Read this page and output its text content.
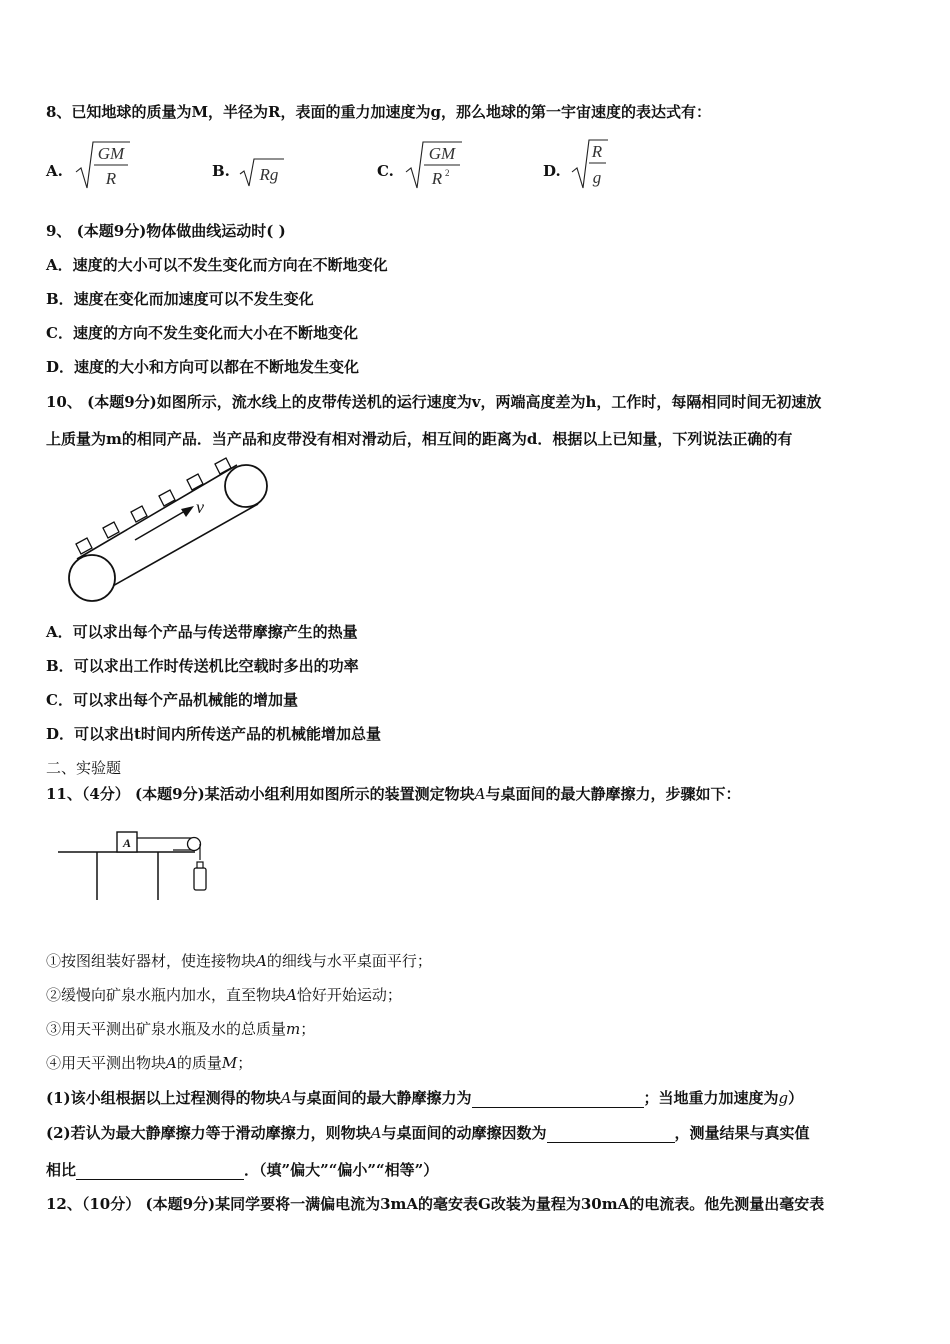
8、已知地球的质量为M，半径为R，表面的重力加速度为g，那么地球的第一宇宙速度的表达式有：
A.
GM
R	B. Rg	C.
GM
R 2	D.
R
g
9、 (本题9分)物体做曲线运动时( )
A．速度的大小可以不发生变化而方向在不断地变化
B．速度在变化而加速度可以不发生变化
C．速度的方向不发生变化而大小在不断地变化
D．速度的大小和方向可以都在不断地发生变化
10、 (本题9分)如图所示，流水线上的皮带传送机的运行速度为v，两端高度差为h，工作时，每隔相同时间无初速放
上质量为m的相同产品．当产品和皮带没有相对滑动后，相互间的距离为d．根据以上已知量，下列说法正确的有
v
A．可以求出每个产品与传送带摩擦产生的热量
B．可以求出工作时传送机比空载时多出的功率
C．可以求出每个产品机械能的增加量
D．可以求出t时间内所传送产品的机械能增加总量
二、实验题
11、（4分） (本题9分)某活动小组利用如图所示的装置测定物块A与桌面间的最大静摩擦力，步骤如下：
A
①按图组装好器材，使连接物块A的细线与水平桌面平行；
②缓慢向矿泉水瓶内加水，直至物块A恰好开始运动；
③用天平测出矿泉水瓶及水的总质量m；
④用天平测出物块A的质量M；
(1)该小组根据以上过程测得的物块A与桌面间的最大静摩擦力为	；当地重力加速度为g）
(2)若认为最大静摩擦力等于滑动摩擦力，则物块A与桌面间的动摩擦因数为	，测量结果与真实值
相比	．（填”偏大”“偏小”“相等”）
12、（10分） (本题9分)某同学要将一满偏电流为3mA的毫安表G改装为量程为30mA的电流表。他先测量出毫安表
